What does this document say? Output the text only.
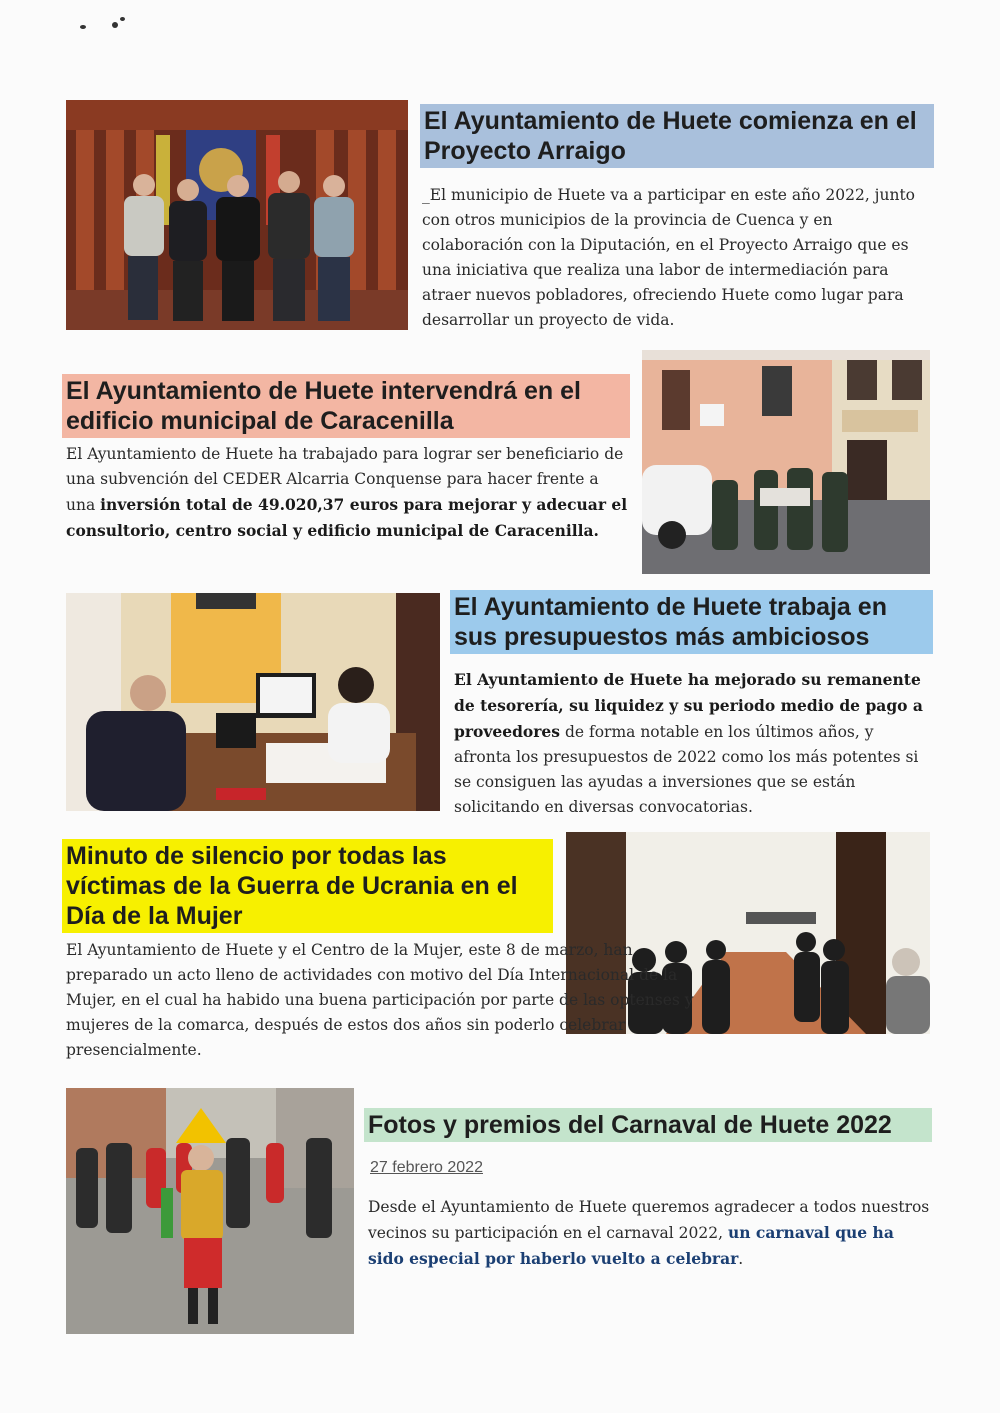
El Ayuntamiento de Huete comienza en el Proyecto Arraigo

_El municipio de Huete va a participar en este año 2022, junto con otros municipios de la provincia de Cuenca y en colaboración con la Diputación, en el Proyecto Arraigo que es una iniciativa que realiza una labor de intermediación para atraer nuevos pobladores, ofreciendo Huete como lugar para desarrollar un proyecto de vida.

El Ayuntamiento de Huete intervendrá en el edificio municipal de Caracenilla

El Ayuntamiento de Huete ha trabajado para lograr ser beneficiario de una subvención del CEDER Alcarria Conquense para hacer frente a una inversión total de 49.020,37 euros para mejorar y adecuar el consultorio, centro social y edificio municipal de Caracenilla.

El Ayuntamiento de Huete trabaja en sus presupuestos más ambiciosos

El Ayuntamiento de Huete ha mejorado su remanente de tesorería, su liquidez y su periodo medio de pago a proveedores de forma notable en los últimos años, y afronta los presupuestos de 2022 como los más potentes si se consiguen las ayudas a inversiones que se están solicitando en diversas convocatorias.

Minuto de silencio por todas las víctimas de la Guerra de Ucrania en el Día de la Mujer

El Ayuntamiento de Huete y el Centro de la Mujer, este 8 de marzo, han preparado un acto lleno de actividades con motivo del Día Internacional de la Mujer, en el cual ha habido una buena participación por parte de las optenses y mujeres de la comarca, después de estos dos años sin poderlo celebrar presencialmente.

Fotos y premios del Carnaval de Huete 2022
27 febrero 2022

Desde el Ayuntamiento de Huete queremos agradecer a todos nuestros vecinos su participación en el carnaval 2022, un carnaval que ha sido especial por haberlo vuelto a celebrar.
